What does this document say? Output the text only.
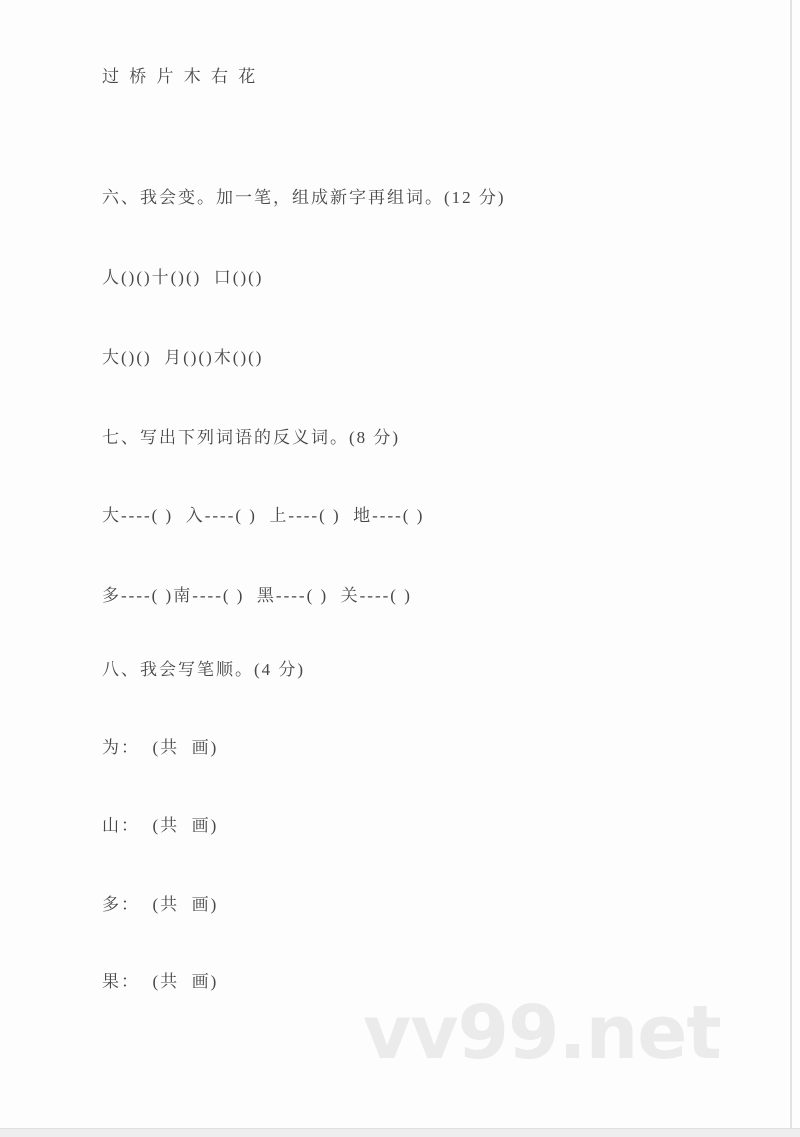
过 桥 片 木 右 花
六、我会变。加一笔，组成新字再组词。(12 分)
人()()十()()  口()()
大()()  月()()木()()
七、写出下列词语的反义词。(8 分)
大----( )  入----( )  上----( )  地----( )
多----( )南----( )  黑----( )  关----( )
八、我会写笔顺。(4 分)
为：  (共  画)
山：  (共  画)
多：  (共  画)
果：  (共  画)
vv99.net
